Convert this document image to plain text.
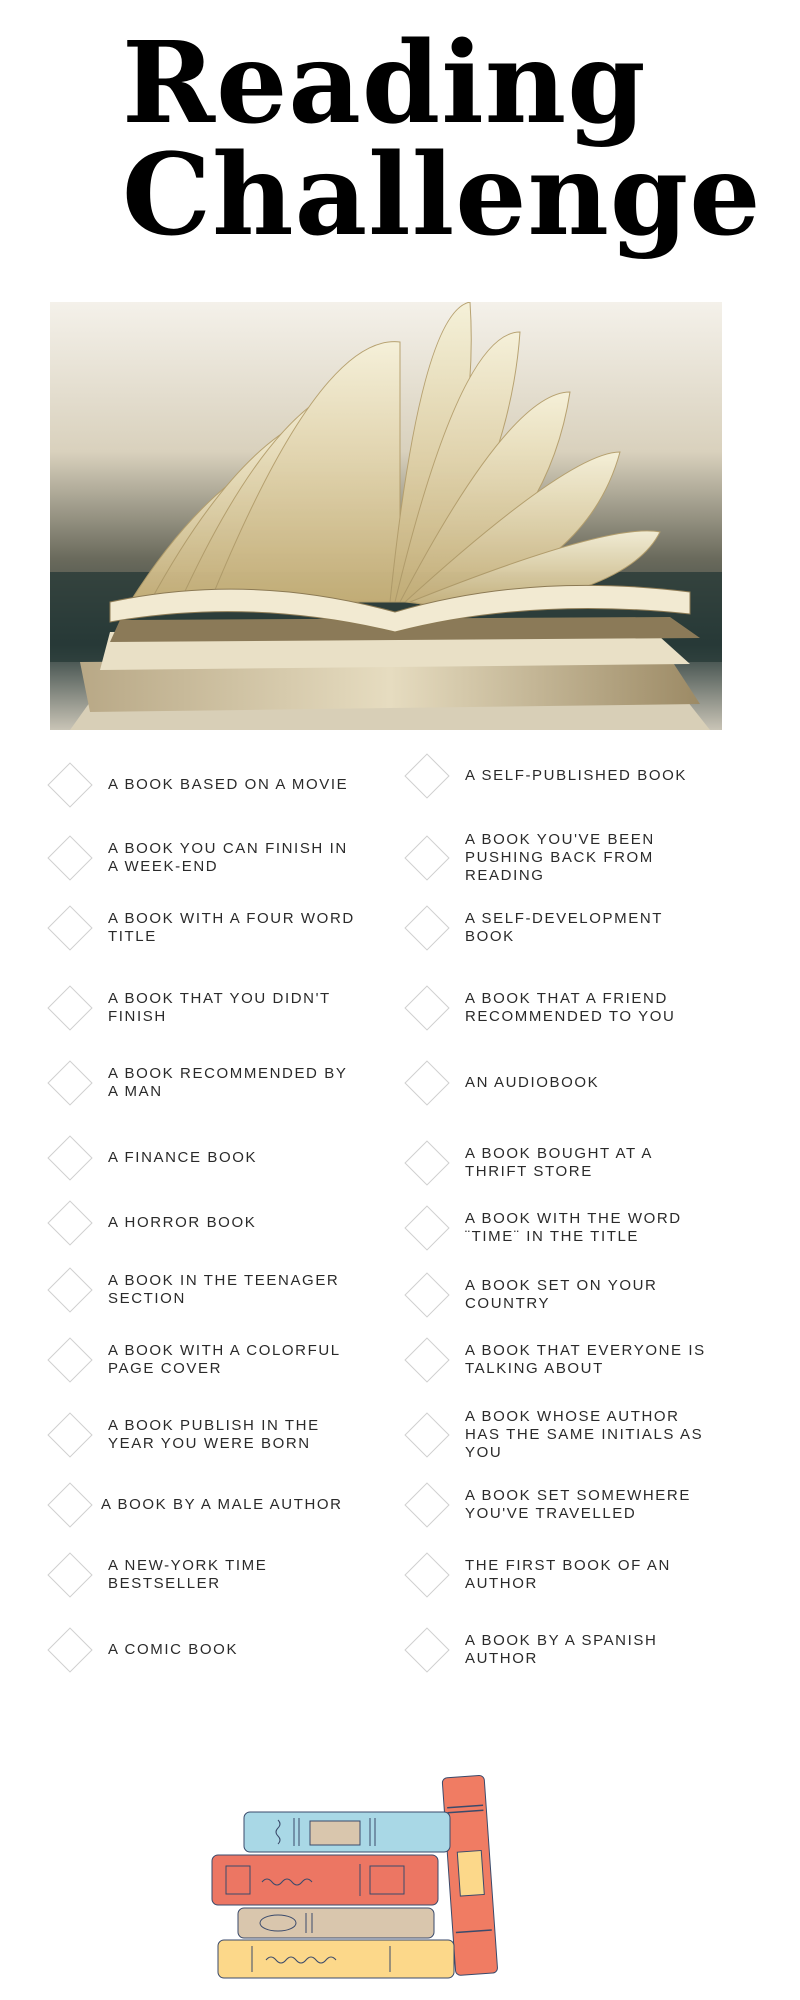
Reading
Challenge
A BOOK BASED ON A MOVIE
A BOOK YOU CAN FINISH IN A WEEK-END
A BOOK WITH A FOUR WORD TITLE
A BOOK THAT YOU DIDN'T FINISH
A BOOK RECOMMENDED BY A MAN
A FINANCE BOOK
A HORROR BOOK
A BOOK IN THE TEENAGER SECTION
A BOOK WITH A COLORFUL PAGE COVER
A BOOK PUBLISH IN THE YEAR YOU WERE BORN
A BOOK BY A MALE AUTHOR
A NEW-YORK TIME BESTSELLER
A COMIC BOOK
A SELF-PUBLISHED BOOK
A BOOK YOU'VE BEEN PUSHING BACK FROM READING
A SELF-DEVELOPMENT BOOK
A BOOK THAT A FRIEND RECOMMENDED TO YOU
AN AUDIOBOOK
A BOOK BOUGHT AT A THRIFT STORE
A BOOK WITH THE WORD ¨TIME¨ IN THE TITLE
A BOOK SET ON YOUR COUNTRY
A BOOK THAT EVERYONE IS TALKING ABOUT
A BOOK WHOSE AUTHOR HAS THE SAME INITIALS AS YOU
A BOOK SET SOMEWHERE YOU'VE TRAVELLED
THE FIRST BOOK OF AN AUTHOR
A BOOK BY A SPANISH AUTHOR
